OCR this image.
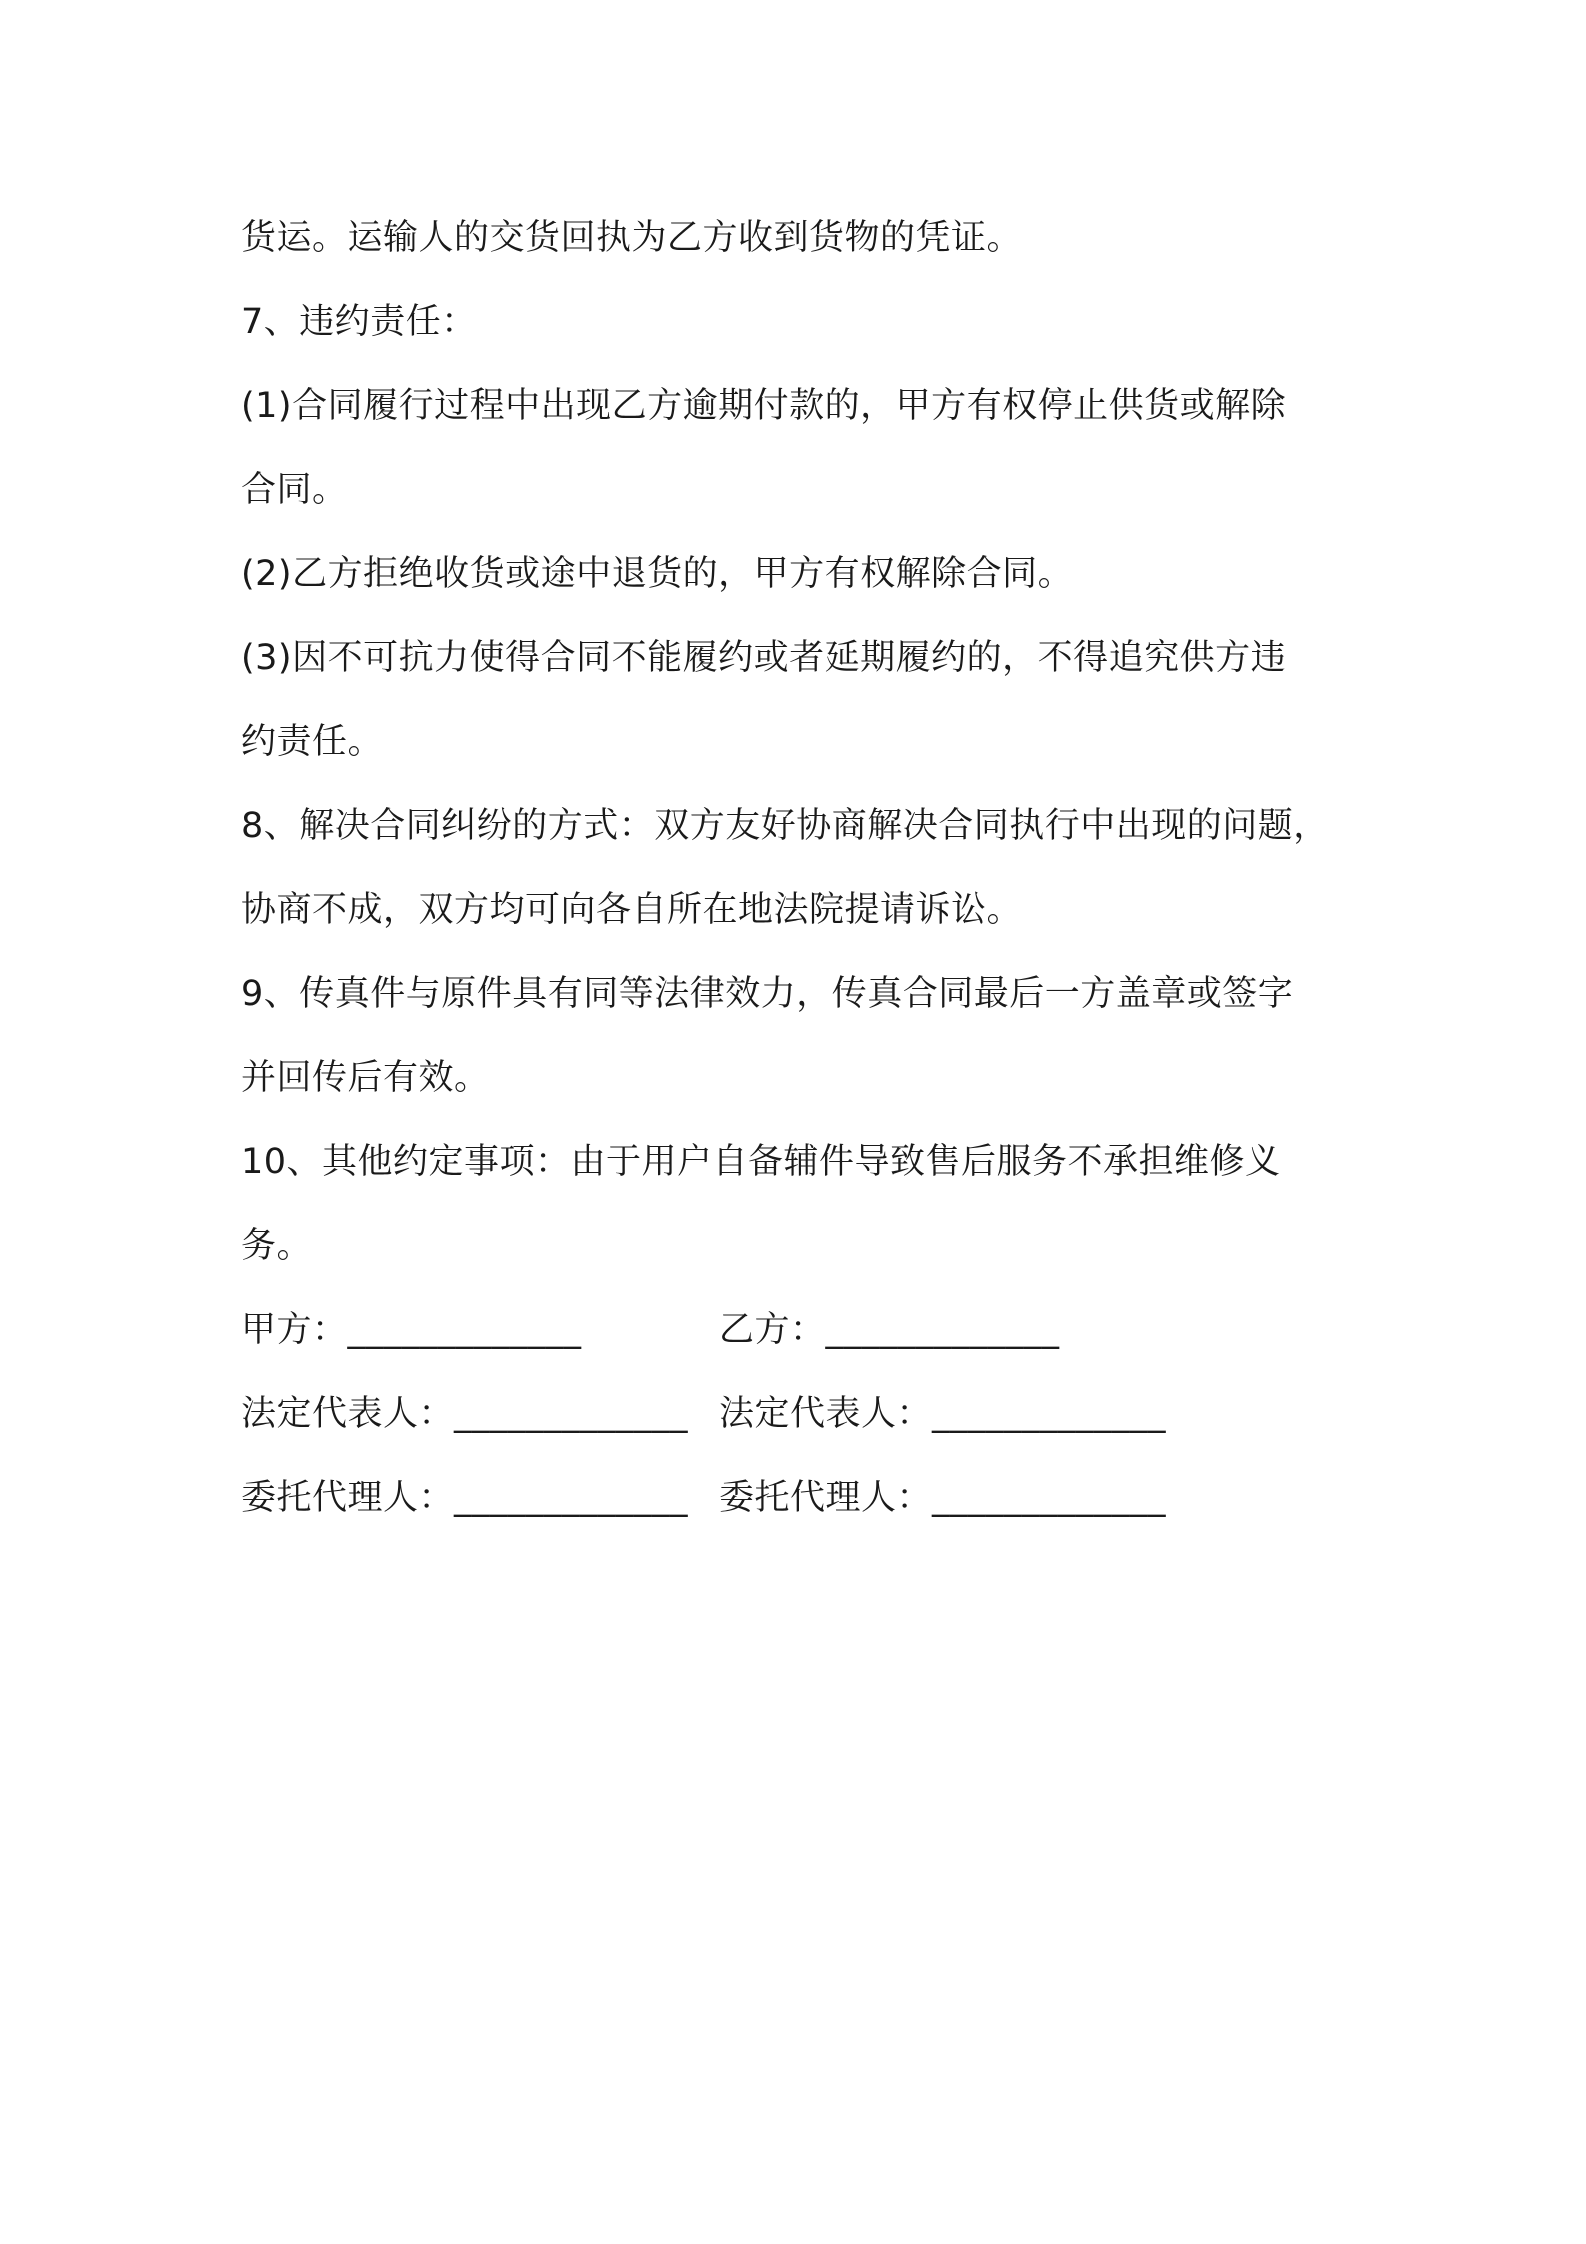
货运。运输人的交货回执为乙方收到货物的凭证。
7、违约责任：
(1)合同履行过程中出现乙方逾期付款的，甲方有权停止供货或解除
合同。
(2)乙方拒绝收货或途中退货的，甲方有权解除合同。
(3)因不可抗力使得合同不能履约或者延期履约的，不得追究供方违
约责任。
8、解决合同纠纷的方式：双方友好协商解决合同执行中出现的问题，
协商不成，双方均可向各自所在地法院提请诉讼。
9、传真件与原件具有同等法律效力，传真合同最后一方盖章或签字
并回传后有效。
10、其他约定事项：由于用户自备辅件导致售后服务不承担维修义
务。
甲方：_____________	乙方：_____________
法定代表人：_____________ 法定代表人：_____________
委托代理人：_____________ 委托代理人：_____________
